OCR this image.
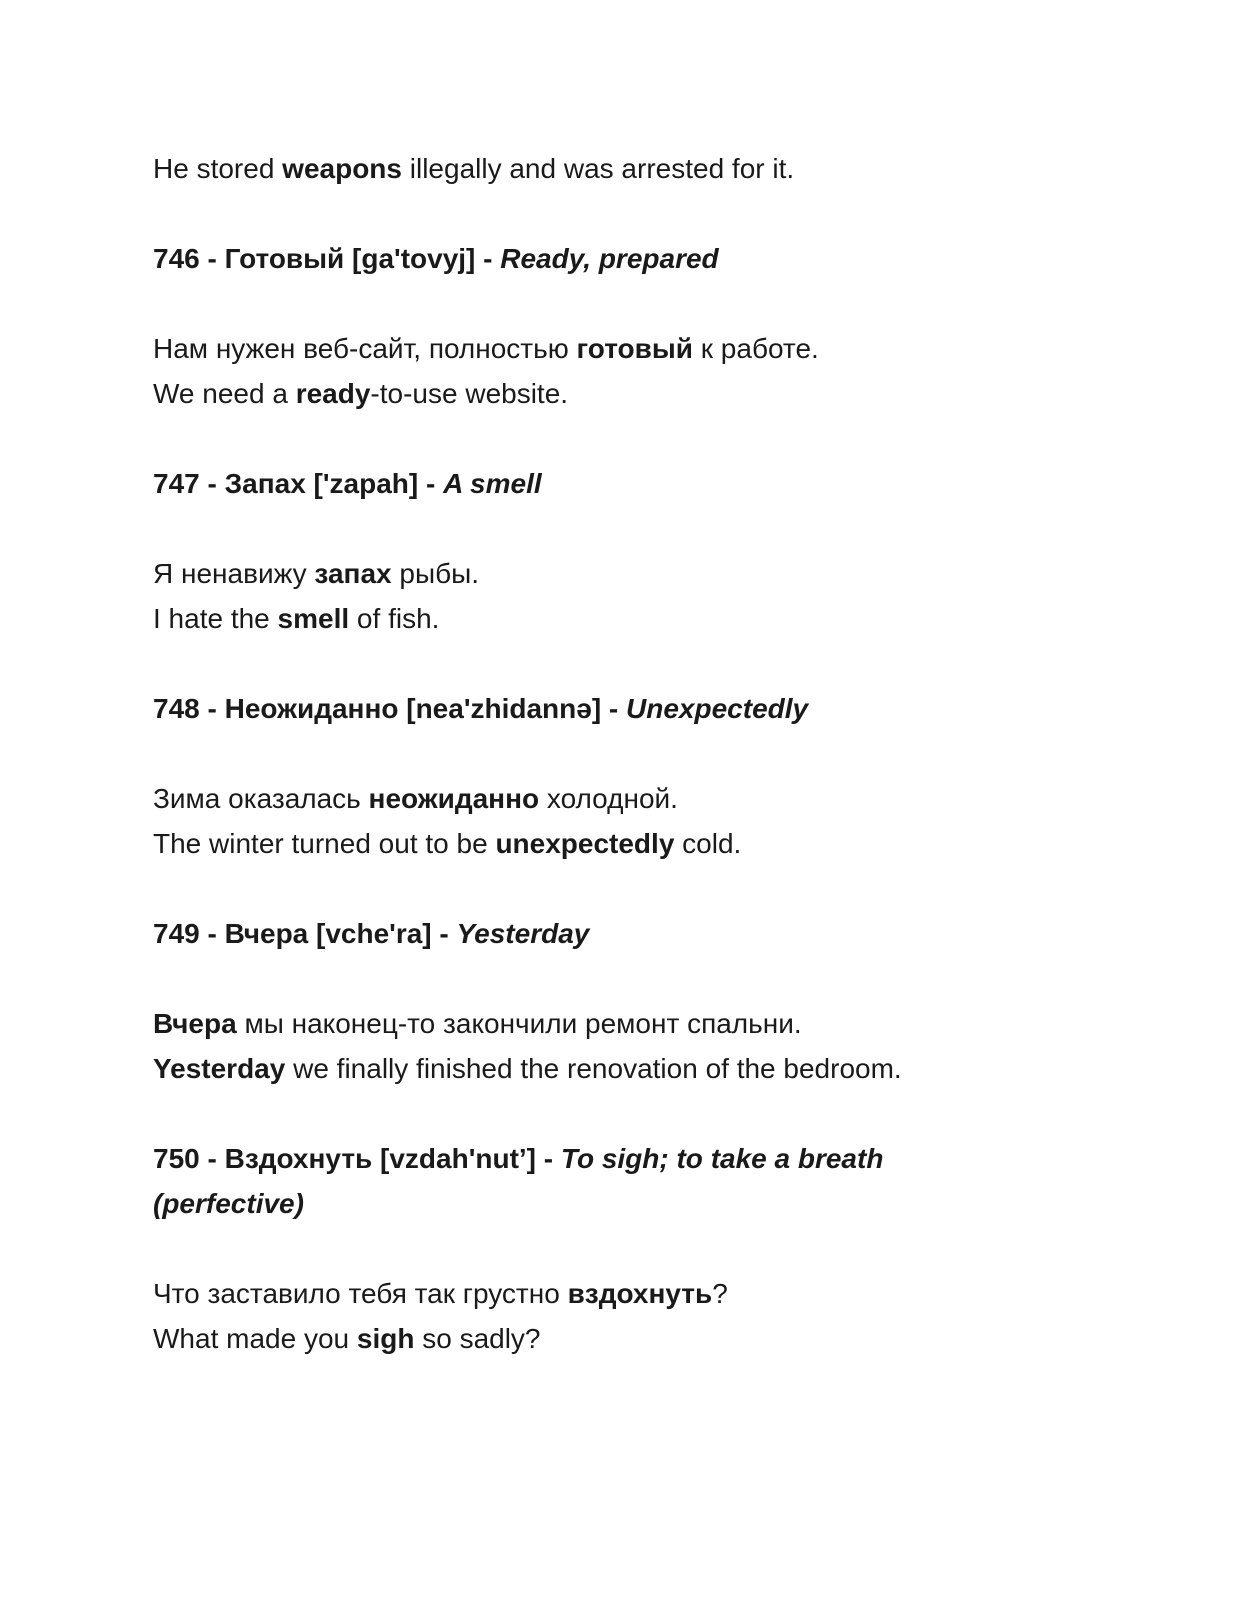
He stored weapons illegally and was arrested for it.
746 - Готовый [ga'tovyj] - Ready, prepared
Нам нужен веб-сайт, полностью готовый к работе.
We need a ready-to-use website.
747 - Запах ['zapah] - A smell
Я ненавижу запах рыбы.
I hate the smell of fish.
748 - Неожиданно [nea'zhidannə] - Unexpectedly
Зима оказалась неожиданно холодной.
The winter turned out to be unexpectedly cold.
749 - Вчера [vche'ra] - Yesterday
Вчера мы наконец-то закончили ремонт спальни.
Yesterday we finally finished the renovation of the bedroom.
750 - Вздохнуть [vzdah'nut’] - To sigh; to take a breath
(perfective)
Что заставило тебя так грустно вздохнуть?
What made you sigh so sadly?
